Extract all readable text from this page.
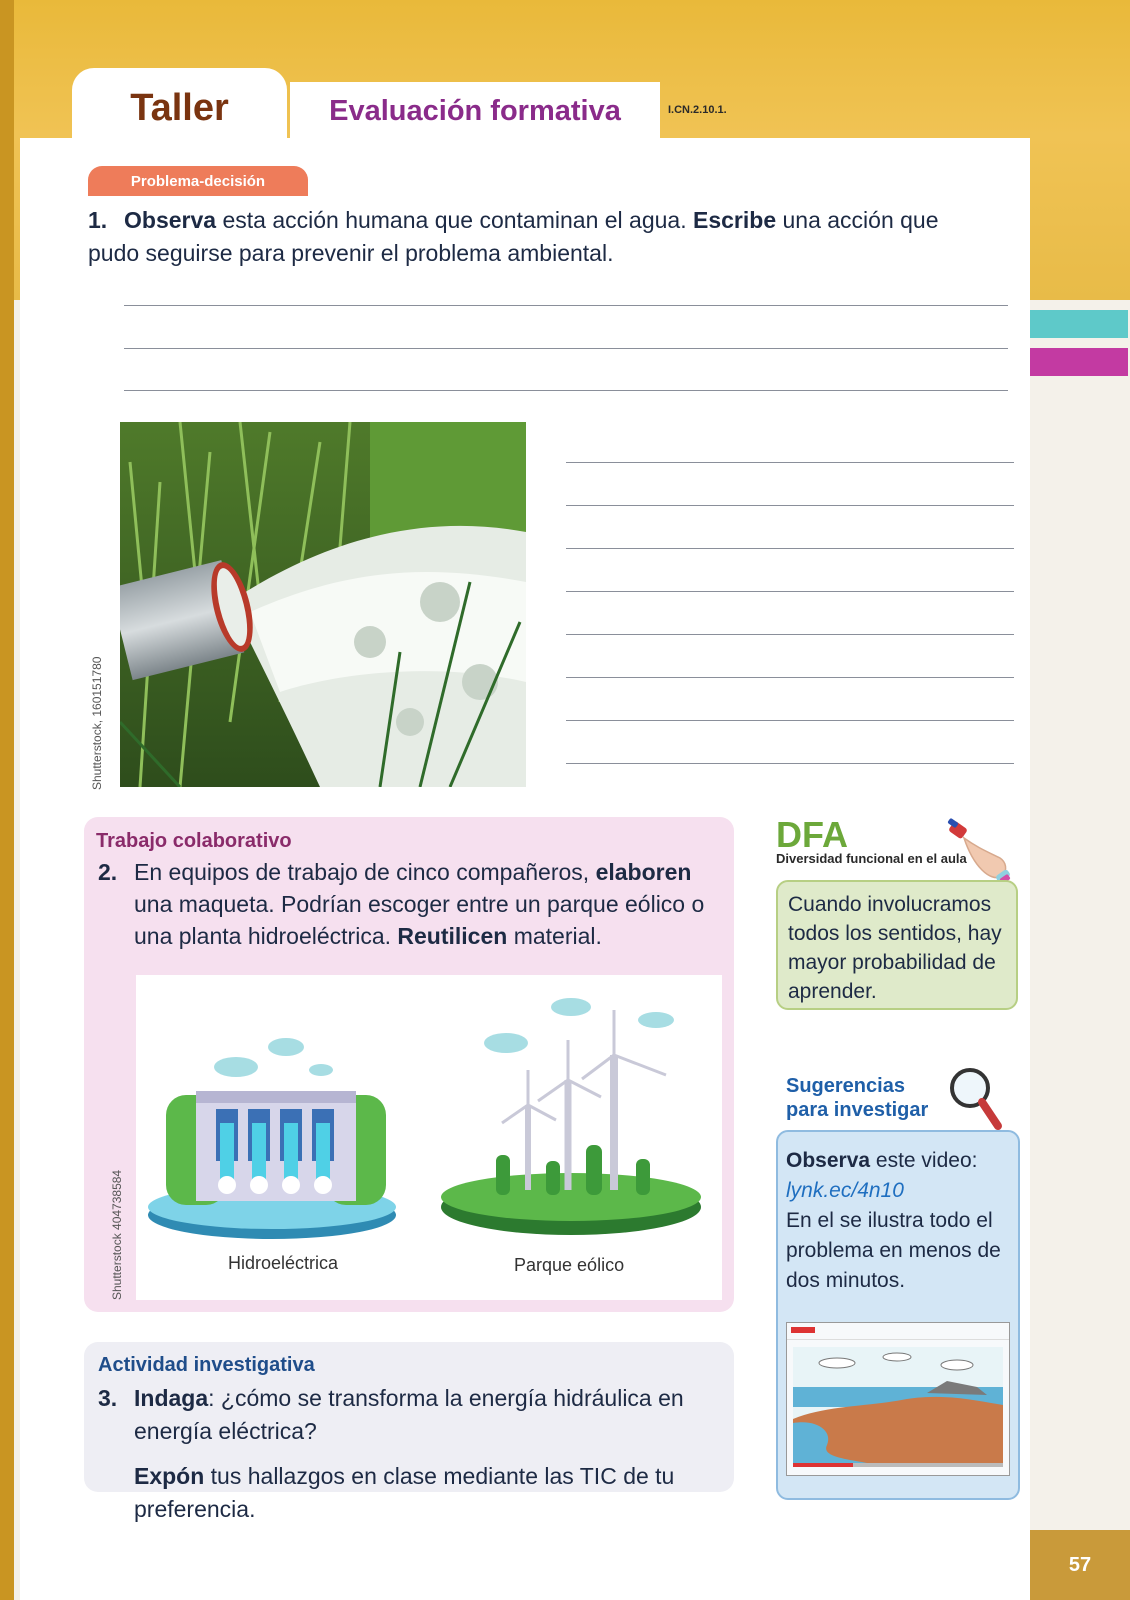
Taller	Evaluación formativa	I.CN.2.10.1.
Problema-decisión
1. Observa esta acción humana que contaminan el agua. Escribe una acción que pudo seguirse para prevenir el problema ambiental.
Shutterstock, 160151780
Trabajo colaborativo
2. En equipos de trabajo de cinco compañeros, elaboren una maqueta. Podrían escoger entre un parque eólico o una planta hidroeléctrica. Reutilicen material.
Hidroeléctrica	Parque eólico
Shutterstock 404738584
Actividad investigativa
3. Indaga: ¿cómo se transforma la energía hidráulica en energía eléctrica?
Expón tus hallazgos en clase mediante las TIC de tu preferencia.
DFA
Diversidad funcional en el aula
Cuando involucramos todos los sentidos, hay mayor probabilidad de aprender.
Sugerencias
para investigar
Observa este video:
lynk.ec/4n10
En el se ilustra todo el problema en menos de dos minutos.
57
